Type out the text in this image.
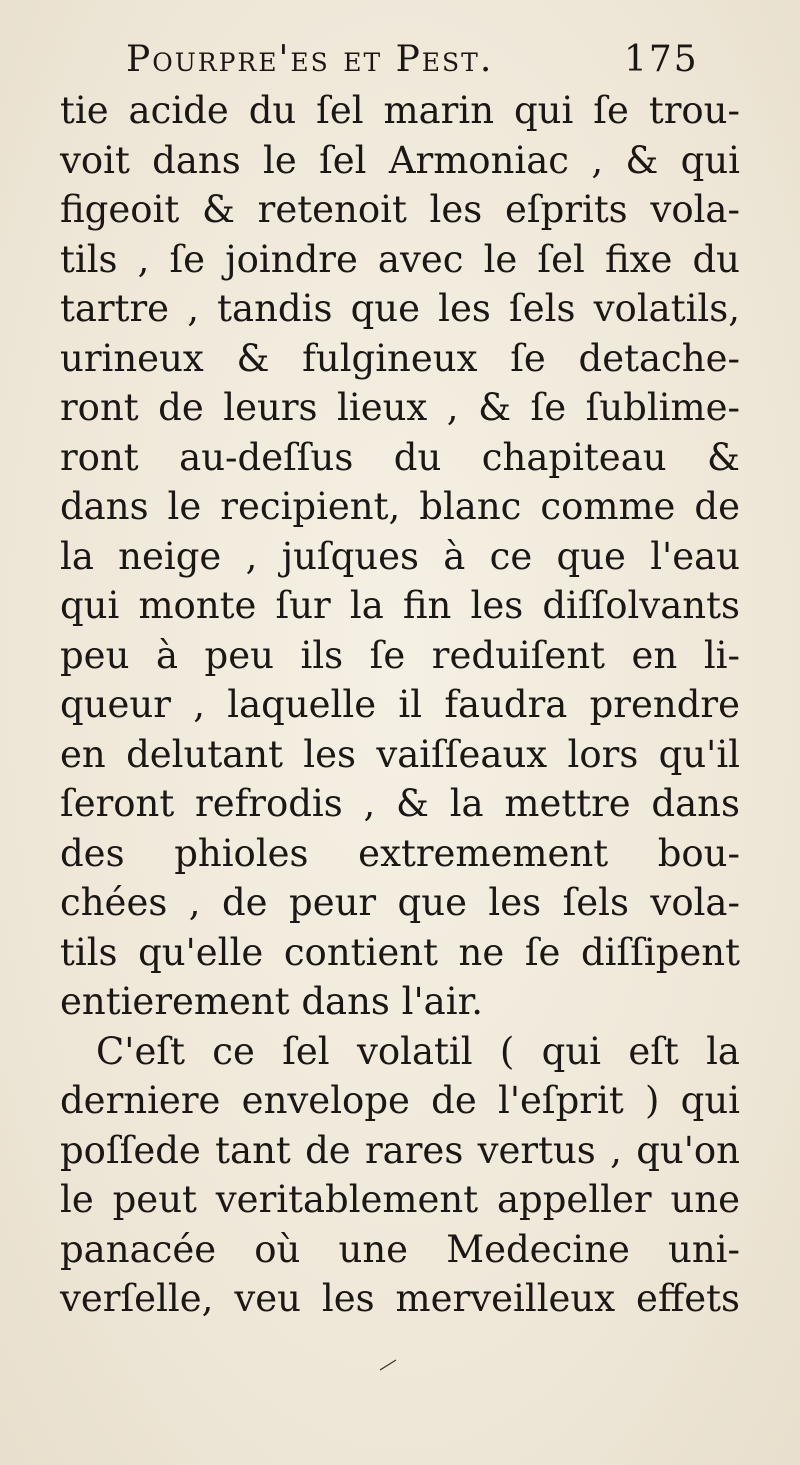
Pourpre'es et Pest.	175
tie acide du ſel marin qui ſe trou-
voit dans le ſel Armoniac , & qui
figeoit & retenoit les eſprits vola-
tils , ſe joindre avec le ſel fixe du
tartre , tandis que les ſels volatils,
urineux & fulgineux ſe detache-
ront de leurs lieux , & ſe ſublime-
ront au-deſſus du chapiteau &
dans le recipient, blanc comme de
la neige , juſques à ce que l'eau
qui monte ſur la fin les diſſolvants
peu à peu ils ſe reduiſent en li-
queur , laquelle il faudra prendre
en delutant les vaiſſeaux lors qu'il
ſeront refrodis , & la mettre dans
des phioles extremement bou-
chées , de peur que les ſels vola-
tils qu'elle contient ne ſe diſſipent
entierement dans l'air.
C'eſt ce ſel volatil ( qui eſt la
derniere envelope de l'eſprit ) qui
poſſede tant de rares vertus , qu'on
le peut veritablement appeller une
panacée où une Medecine uni-
verſelle, veu les merveilleux effets
